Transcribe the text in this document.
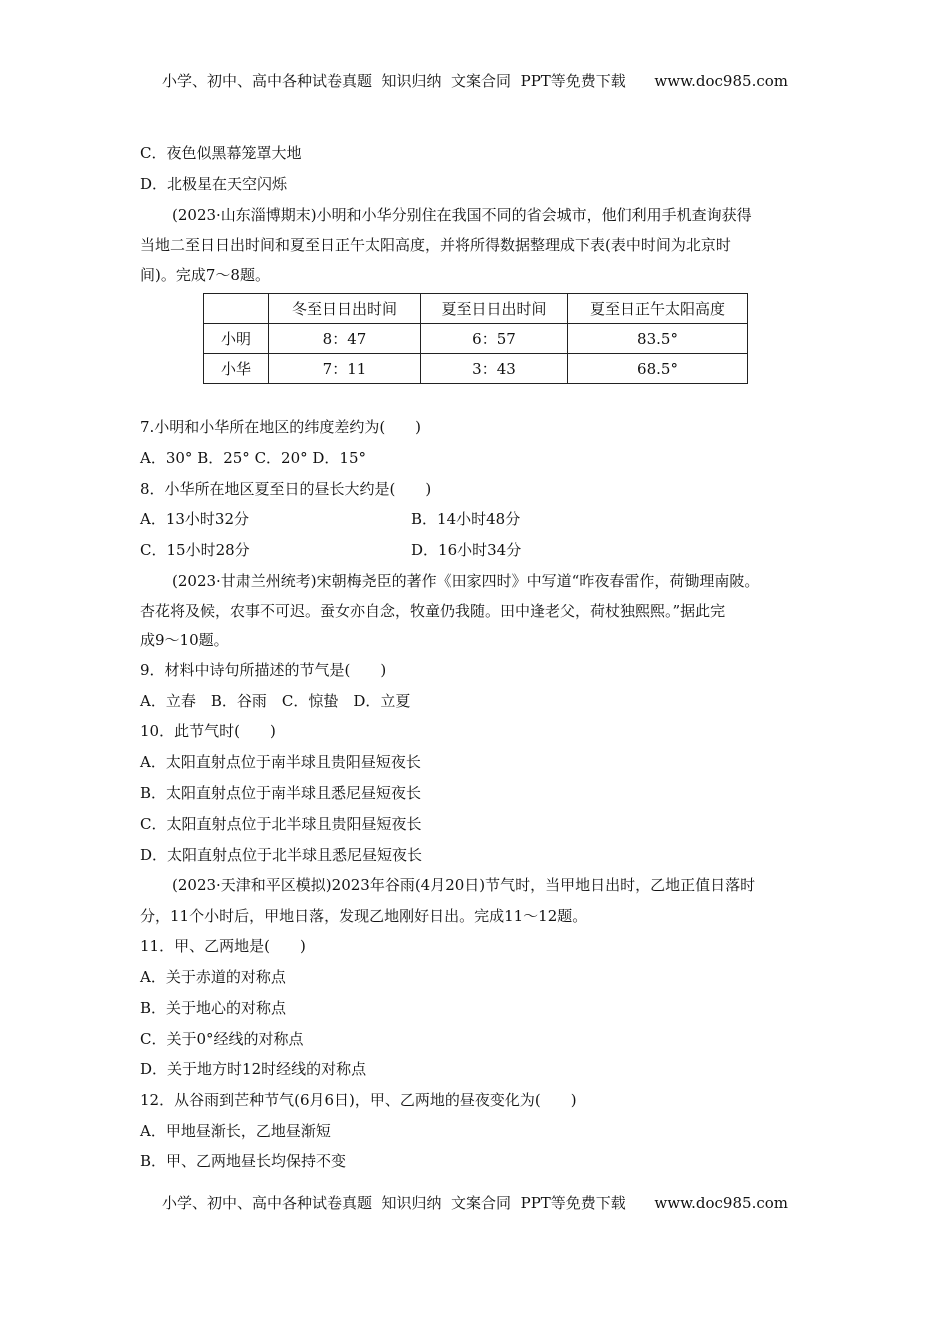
小学、初中、高中各种试卷真题  知识归纳  文案合同  PPT等免费下载      www.doc985.com
C．夜色似黑幕笼罩大地
D．北极星在天空闪烁
(2023·山东淄博期末)小明和小华分别住在我国不同的省会城市，他们利用手机查询获得
当地二至日日出时间和夏至日正午太阳高度，并将所得数据整理成下表(表中时间为北京时
间)。完成7～8题。
	冬至日日出时间	夏至日日出时间	夏至日正午太阳高度
小明	8：47	6：57	83.5°
小华	7：11	3：43	68.5°
7.小明和小华所在地区的纬度差约为(　　)
A．30° B．25° C．20° D．15°
8．小华所在地区夏至日的昼长大约是(　　)
A．13小时32分	B．14小时48分
C．15小时28分	D．16小时34分
(2023·甘肃兰州统考)宋朝梅尧臣的著作《田家四时》中写道“昨夜春雷作，荷锄理南陂。
杏花将及候，农事不可迟。蚕女亦自念，牧童仍我随。田中逢老父，荷杖独熙熙。”据此完
成9～10题。
9．材料中诗句所描述的节气是(　　)
A．立春　B．谷雨　C．惊蛰　D．立夏
10．此节气时(　　)
A．太阳直射点位于南半球且贵阳昼短夜长
B．太阳直射点位于南半球且悉尼昼短夜长
C．太阳直射点位于北半球且贵阳昼短夜长
D．太阳直射点位于北半球且悉尼昼短夜长
(2023·天津和平区模拟)2023年谷雨(4月20日)节气时，当甲地日出时，乙地正值日落时
分，11个小时后，甲地日落，发现乙地刚好日出。完成11～12题。
11．甲、乙两地是(　　)
A．关于赤道的对称点
B．关于地心的对称点
C．关于0°经线的对称点
D．关于地方时12时经线的对称点
12．从谷雨到芒种节气(6月6日)，甲、乙两地的昼夜变化为(　　)
A．甲地昼渐长，乙地昼渐短
B．甲、乙两地昼长均保持不变
小学、初中、高中各种试卷真题  知识归纳  文案合同  PPT等免费下载      www.doc985.com
